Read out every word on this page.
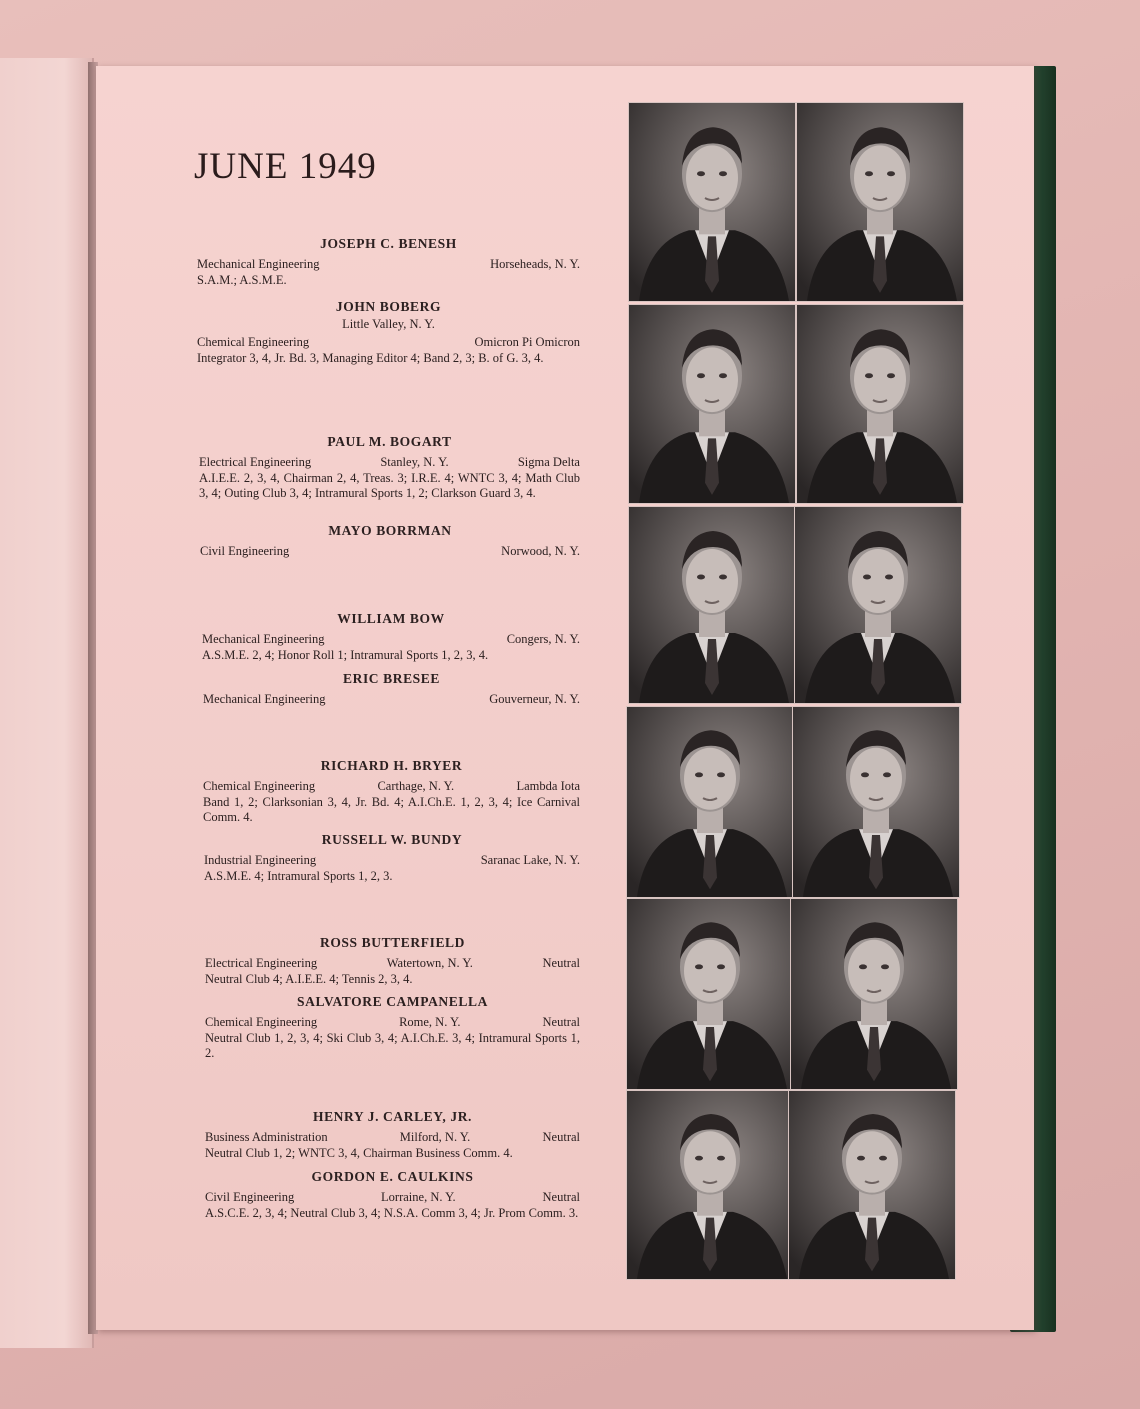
JUNE 1949
JOSEPH C. BENESH
Mechanical Engineering	Horseheads, N. Y.
S.A.M.; A.S.M.E.
JOHN BOBERG
Little Valley, N. Y.
Chemical Engineering	Omicron Pi Omicron
Integrator 3, 4, Jr. Bd. 3, Managing Editor 4; Band 2, 3; B. of G. 3, 4.
PAUL M. BOGART
Electrical Engineering	Stanley, N. Y.	Sigma Delta
A.I.E.E. 2, 3, 4, Chairman 2, 4, Treas. 3; I.R.E. 4; WNTC 3, 4; Math Club 3, 4; Outing Club 3, 4; Intramural Sports 1, 2; Clarkson Guard 3, 4.
MAYO BORRMAN
Civil Engineering	Norwood, N. Y.
WILLIAM BOW
Mechanical Engineering	Congers, N. Y.
A.S.M.E. 2, 4; Honor Roll 1; Intramural Sports 1, 2, 3, 4.
ERIC BRESEE
Mechanical Engineering	Gouverneur, N. Y.
RICHARD H. BRYER
Chemical Engineering	Carthage, N. Y.	Lambda Iota
Band 1, 2; Clarksonian 3, 4, Jr. Bd. 4; A.I.Ch.E. 1, 2, 3, 4; Ice Carnival Comm. 4.
RUSSELL W. BUNDY
Industrial Engineering	Saranac Lake, N. Y.
A.S.M.E. 4; Intramural Sports 1, 2, 3.
ROSS BUTTERFIELD
Electrical Engineering	Watertown, N. Y.	Neutral
Neutral Club 4; A.I.E.E. 4; Tennis 2, 3, 4.
SALVATORE CAMPANELLA
Chemical Engineering	Rome, N. Y.	Neutral
Neutral Club 1, 2, 3, 4; Ski Club 3, 4; A.I.Ch.E. 3, 4; Intramural Sports 1, 2.
HENRY J. CARLEY, JR.
Business Administration	Milford, N. Y.	Neutral
Neutral Club 1, 2; WNTC 3, 4, Chairman Business Comm. 4.
GORDON E. CAULKINS
Civil Engineering	Lorraine, N. Y.	Neutral
A.S.C.E. 2, 3, 4; Neutral Club 3, 4; N.S.A. Comm 3, 4; Jr. Prom Comm. 3.
